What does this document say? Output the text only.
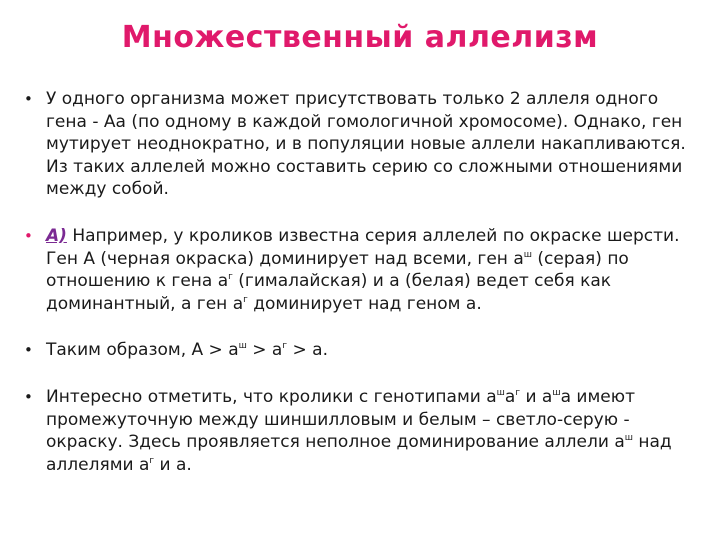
Множественный аллелизм
• У одного организма может присутствовать только 2 аллеля одного гена - Аа (по одному в каждой гомологичной хромосоме). Однако, ген мутирует неоднократно, и в популяции новые аллели накапливаются. Из таких аллелей можно составить серию со сложными отношениями между собой.
• А) Например, у кроликов известна серия аллелей по окраске шерсти. Ген А (черная окраска) доминирует над всеми, ген $а^ш$ (серая) по отношению к гена $а^г$ (гималайская) и а (белая) ведет себя как доминантный, а ген $а^г$ доминирует над геном а.
• Таким образом, $А > а^ш > а^г > а$.
• Интересно отметить, что кролики с генотипами $а^ша^г$ и $а^ша$ имеют промежуточную между шиншилловым и белым – светло-серую - окраску. Здесь проявляется неполное доминирование аллели $а^ш$ над аллелями $а^г$ и а.
